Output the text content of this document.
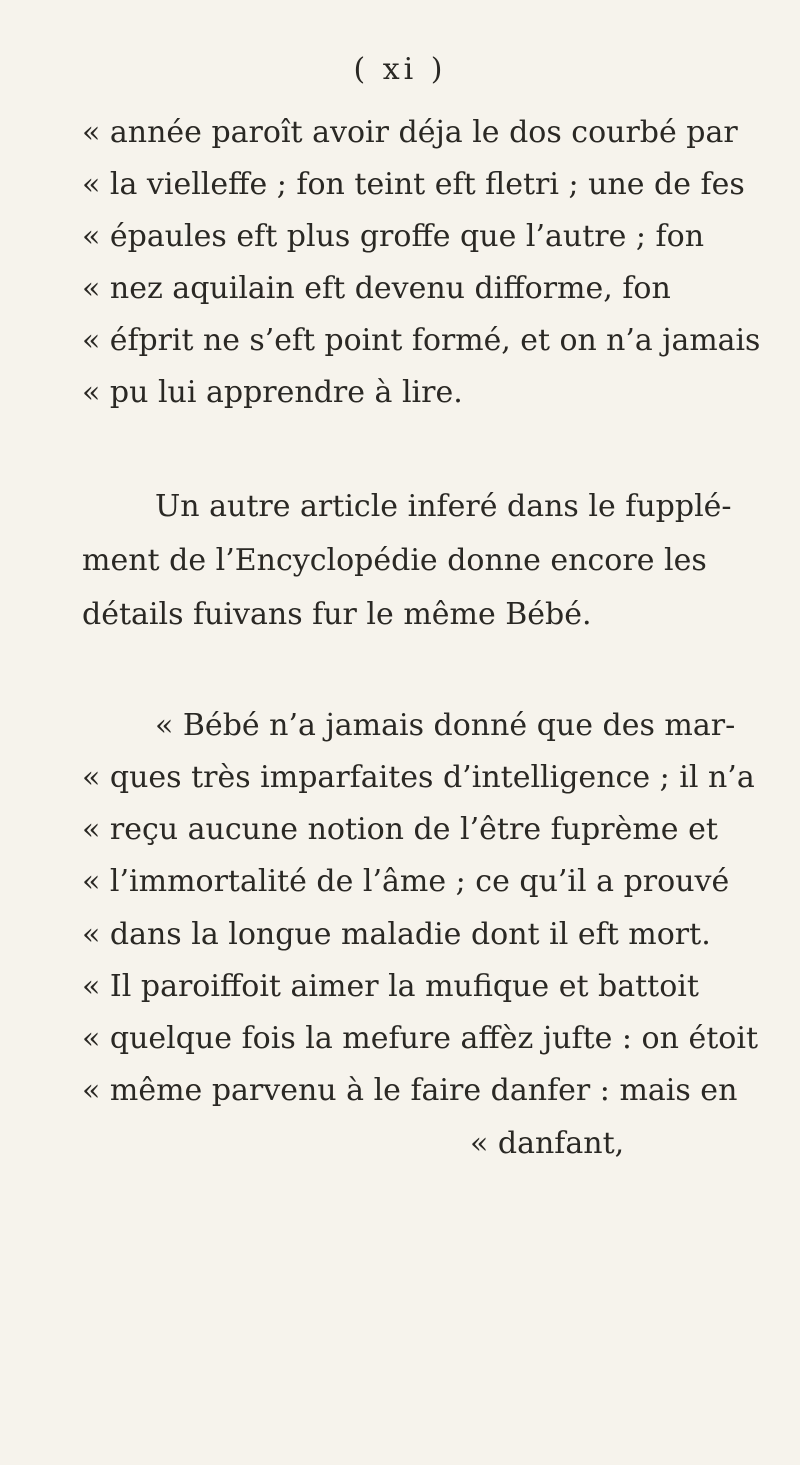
( xi )
« année paroît avoir déja le dos courbé par
« la vielleffe ; fon teint eft fletri ; une de fes
« épaules eft plus groffe que l’autre ; fon
« nez aquilain eft devenu difforme, fon
« éfprit ne s’eft point formé, et on n’a jamais
« pu lui apprendre à lire.
Un autre article inferé dans le fupplé-
ment de l’Encyclopédie donne encore les
détails fuivans fur le même Bébé.
« Bébé n’a jamais donné que des mar-
« ques très imparfaites d’intelligence ; il n’a
« reçu aucune notion de l’être fuprème et
« l’immortalité de l’âme ; ce qu’il a prouvé
« dans la longue maladie dont il eft mort.
« Il paroiffoit aimer la mufique et battoit
« quelque fois la mefure affèz jufte : on étoit
« même parvenu à le faire danfer : mais en
« danfant,
